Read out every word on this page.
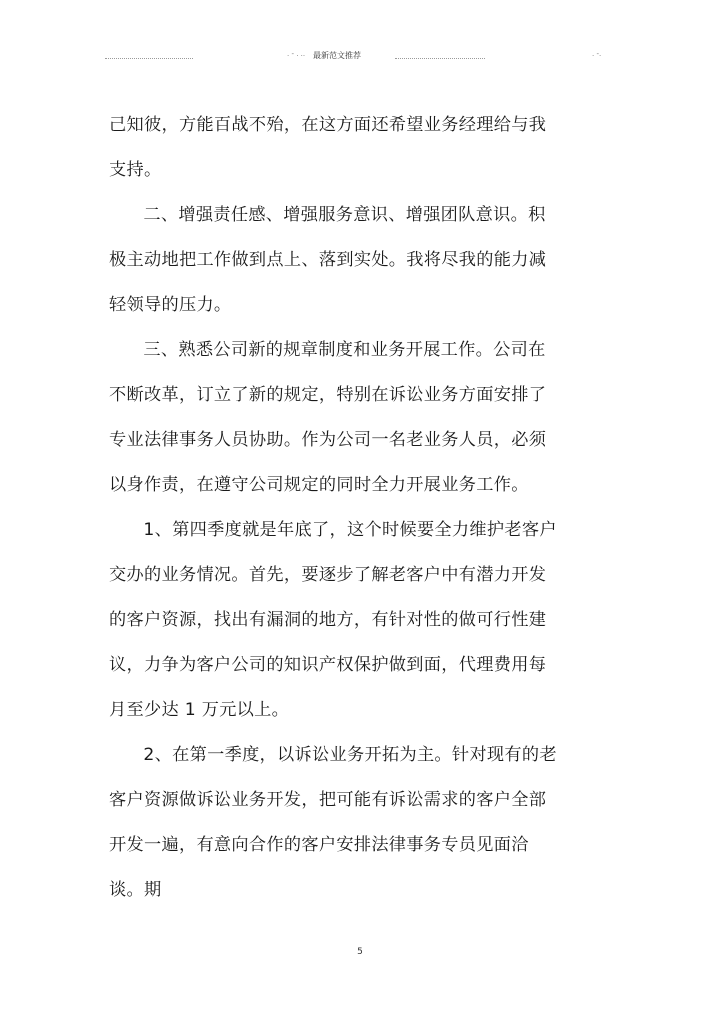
. - . .. 最新范文推荐	. -.

己知彼，方能百战不殆，在这方面还希望业务经理给与我支持。

二、增强责任感、增强服务意识、增强团队意识。积极主动地把工作做到点上、落到实处。我将尽我的能力减轻领导的压力。

三、熟悉公司新的规章制度和业务开展工作。公司在不断改革，订立了新的规定，特别在诉讼业务方面安排了专业法律事务人员协助。作为公司一名老业务人员，必须以身作责，在遵守公司规定的同时全力开展业务工作。

1、第四季度就是年底了，这个时候要全力维护老客户交办的业务情况。首先，要逐步了解老客户中有潜力开发的客户资源，找出有漏洞的地方，有针对性的做可行性建议，力争为客户公司的知识产权保护做到面，代理费用每月至少达 1 万元以上。

2、在第一季度，以诉讼业务开拓为主。针对现有的老客户资源做诉讼业务开发，把可能有诉讼需求的客户全部开发一遍，有意向合作的客户安排法律事务专员见面洽谈。期

5
